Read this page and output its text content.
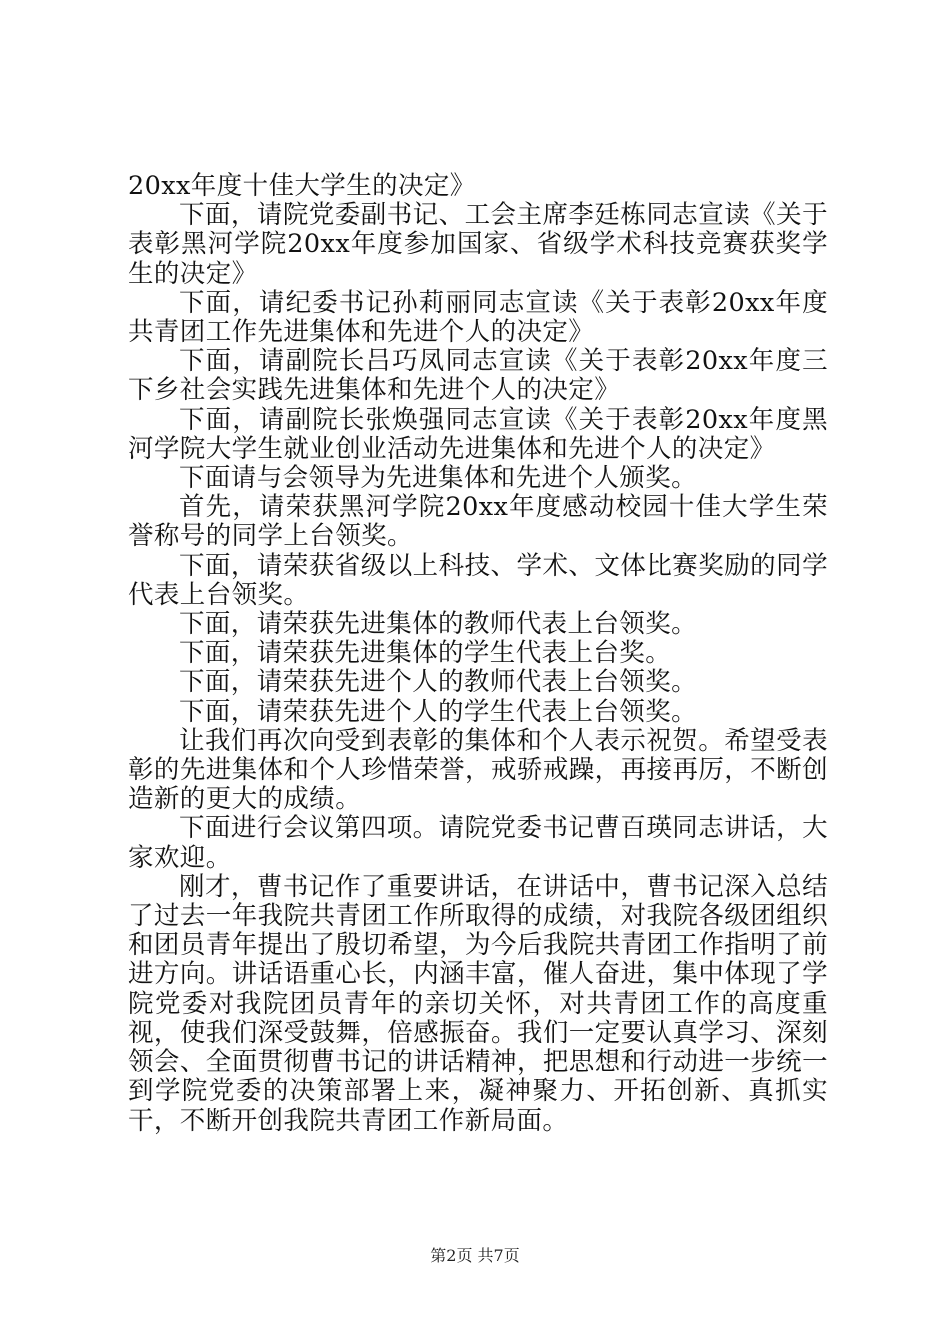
20xx年度十佳大学生的决定》

下面，请院党委副书记、工会主席李廷栋同志宣读《关于表彰黑河学院20xx年度参加国家、省级学术科技竞赛获奖学生的决定》

下面，请纪委书记孙莉丽同志宣读《关于表彰20xx年度共青团工作先进集体和先进个人的决定》

下面，请副院长吕巧凤同志宣读《关于表彰20xx年度三下乡社会实践先进集体和先进个人的决定》

下面，请副院长张焕强同志宣读《关于表彰20xx年度黑河学院大学生就业创业活动先进集体和先进个人的决定》

下面请与会领导为先进集体和先进个人颁奖。

首先，请荣获黑河学院20xx年度感动校园十佳大学生荣誉称号的同学上台领奖。

下面，请荣获省级以上科技、学术、文体比赛奖励的同学代表上台领奖。

下面，请荣获先进集体的教师代表上台领奖。

下面，请荣获先进集体的学生代表上台奖。

下面，请荣获先进个人的教师代表上台领奖。

下面，请荣获先进个人的学生代表上台领奖。

让我们再次向受到表彰的集体和个人表示祝贺。希望受表彰的先进集体和个人珍惜荣誉，戒骄戒躁，再接再厉，不断创造新的更大的成绩。

下面进行会议第四项。请院党委书记曹百瑛同志讲话，大家欢迎。

刚才，曹书记作了重要讲话，在讲话中，曹书记深入总结了过去一年我院共青团工作所取得的成绩，对我院各级团组织和团员青年提出了殷切希望，为今后我院共青团工作指明了前进方向。讲话语重心长，内涵丰富，催人奋进，集中体现了学院党委对我院团员青年的亲切关怀，对共青团工作的高度重视，使我们深受鼓舞，倍感振奋。我们一定要认真学习、深刻领会、全面贯彻曹书记的讲话精神，把思想和行动进一步统一到学院党委的决策部署上来，凝神聚力、开拓创新、真抓实干，不断开创我院共青团工作新局面。

第2页 共7页
